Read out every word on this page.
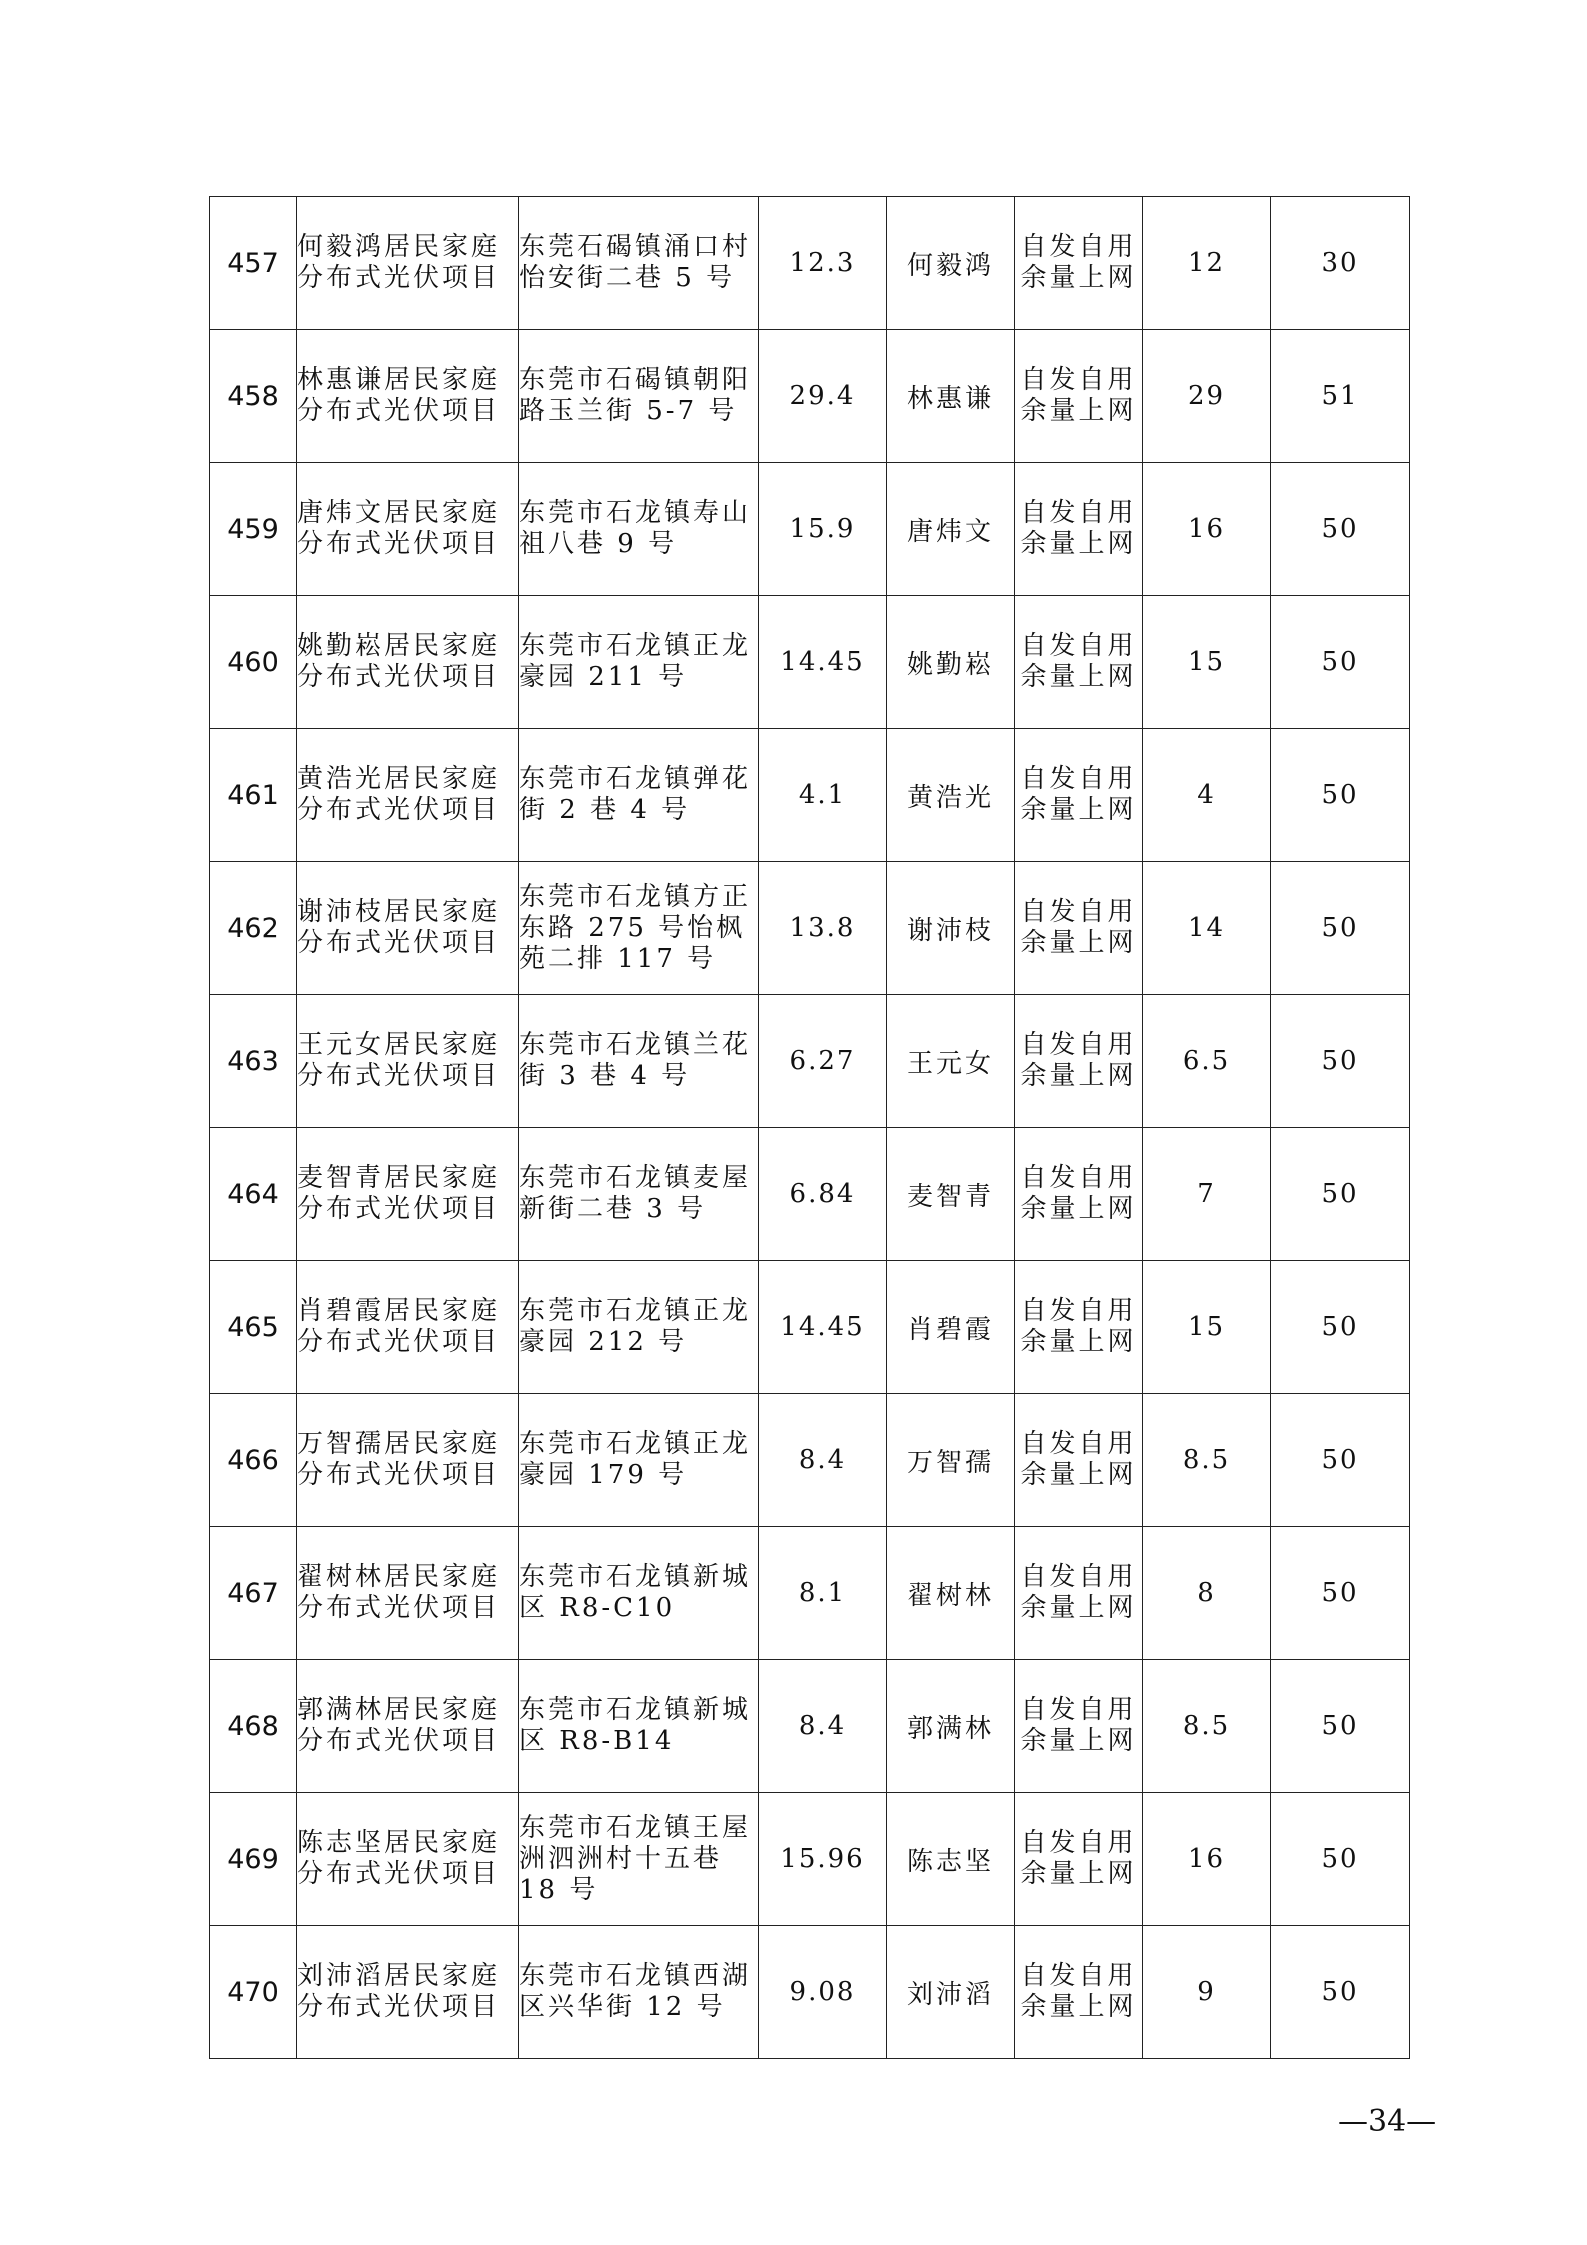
457	何毅鸿居民家庭分布式光伏项目	东莞石碣镇涌口村怡安街二巷 5 号	12.3	何毅鸿	自发自用余量上网	12	30
458	林惠谦居民家庭分布式光伏项目	东莞市石碣镇朝阳路玉兰街 5-7 号	29.4	林惠谦	自发自用余量上网	29	51
459	唐炜文居民家庭分布式光伏项目	东莞市石龙镇寿山祖八巷 9 号	15.9	唐炜文	自发自用余量上网	16	50
460	姚勤崧居民家庭分布式光伏项目	东莞市石龙镇正龙豪园 211 号	14.45	姚勤崧	自发自用余量上网	15	50
461	黄浩光居民家庭分布式光伏项目	东莞市石龙镇弹花街 2 巷 4 号	4.1	黄浩光	自发自用余量上网	4	50
462	谢沛枝居民家庭分布式光伏项目	东莞市石龙镇方正东路 275 号怡枫苑二排 117 号	13.8	谢沛枝	自发自用余量上网	14	50
463	王元女居民家庭分布式光伏项目	东莞市石龙镇兰花街 3 巷 4 号	6.27	王元女	自发自用余量上网	6.5	50
464	麦智青居民家庭分布式光伏项目	东莞市石龙镇麦屋新街二巷 3 号	6.84	麦智青	自发自用余量上网	7	50
465	肖碧霞居民家庭分布式光伏项目	东莞市石龙镇正龙豪园 212 号	14.45	肖碧霞	自发自用余量上网	15	50
466	万智孺居民家庭分布式光伏项目	东莞市石龙镇正龙豪园 179 号	8.4	万智孺	自发自用余量上网	8.5	50
467	翟树林居民家庭分布式光伏项目	东莞市石龙镇新城区 R8-C10	8.1	翟树林	自发自用余量上网	8	50
468	郭满林居民家庭分布式光伏项目	东莞市石龙镇新城区 R8-B14	8.4	郭满林	自发自用余量上网	8.5	50
469	陈志坚居民家庭分布式光伏项目	东莞市石龙镇王屋洲泗洲村十五巷 18 号	15.96	陈志坚	自发自用余量上网	16	50
470	刘沛滔居民家庭分布式光伏项目	东莞市石龙镇西湖区兴华街 12 号	9.08	刘沛滔	自发自用余量上网	9	50
—34—
